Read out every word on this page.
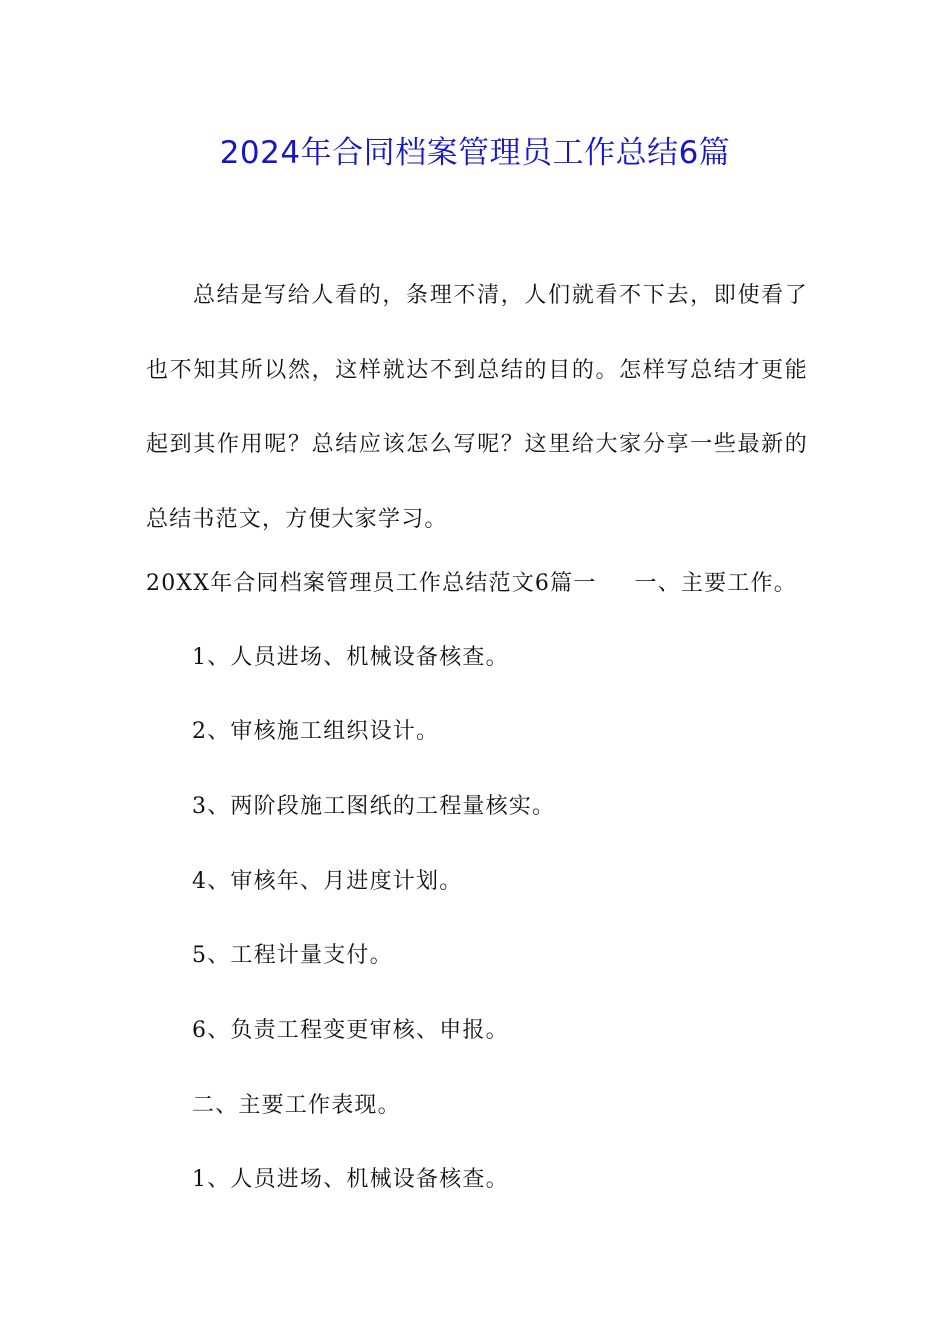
2024年合同档案管理员工作总结6篇

总结是写给人看的，条理不清，人们就看不下去，即使看了也不知其所以然，这样就达不到总结的目的。怎样写总结才更能起到其作用呢？总结应该怎么写呢？这里给大家分享一些最新的总结书范文，方便大家学习。

20XX年合同档案管理员工作总结范文6篇一 一、主要工作。
1、人员进场、机械设备核查。
2、审核施工组织设计。
3、两阶段施工图纸的工程量核实。
4、审核年、月进度计划。
5、工程计量支付。
6、负责工程变更审核、申报。
二、主要工作表现。
1、人员进场、机械设备核查。
